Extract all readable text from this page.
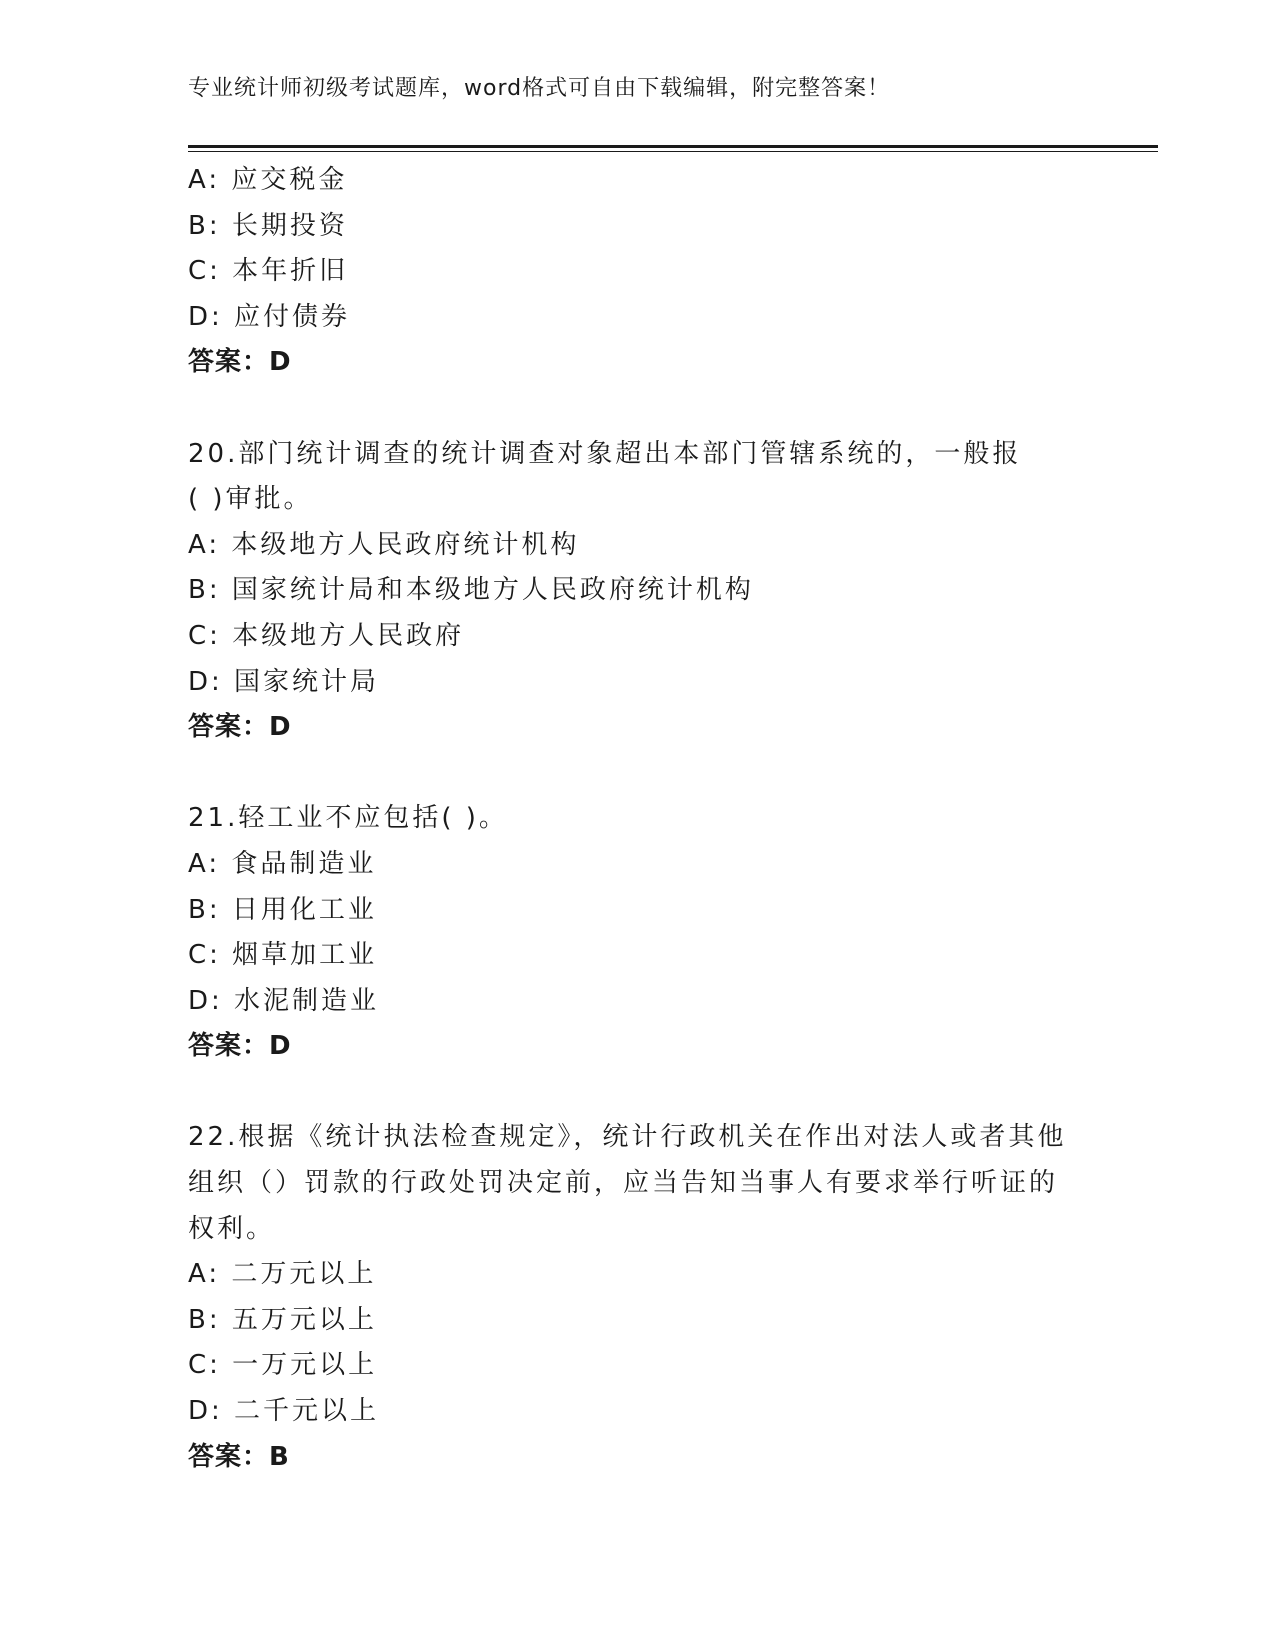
专业统计师初级考试题库，word格式可自由下载编辑，附完整答案！
A: 应交税金
B: 长期投资
C: 本年折旧
D: 应付债券
答案：D
20.部门统计调查的统计调查对象超出本部门管辖系统的，一般报
( )审批。
A: 本级地方人民政府统计机构
B: 国家统计局和本级地方人民政府统计机构
C: 本级地方人民政府
D: 国家统计局
答案：D
21.轻工业不应包括( )。
A: 食品制造业
B: 日用化工业
C: 烟草加工业
D: 水泥制造业
答案：D
22.根据《统计执法检查规定》，统计行政机关在作出对法人或者其他
组织（）罚款的行政处罚决定前，应当告知当事人有要求举行听证的
权利。
A: 二万元以上
B: 五万元以上
C: 一万元以上
D: 二千元以上
答案：B
